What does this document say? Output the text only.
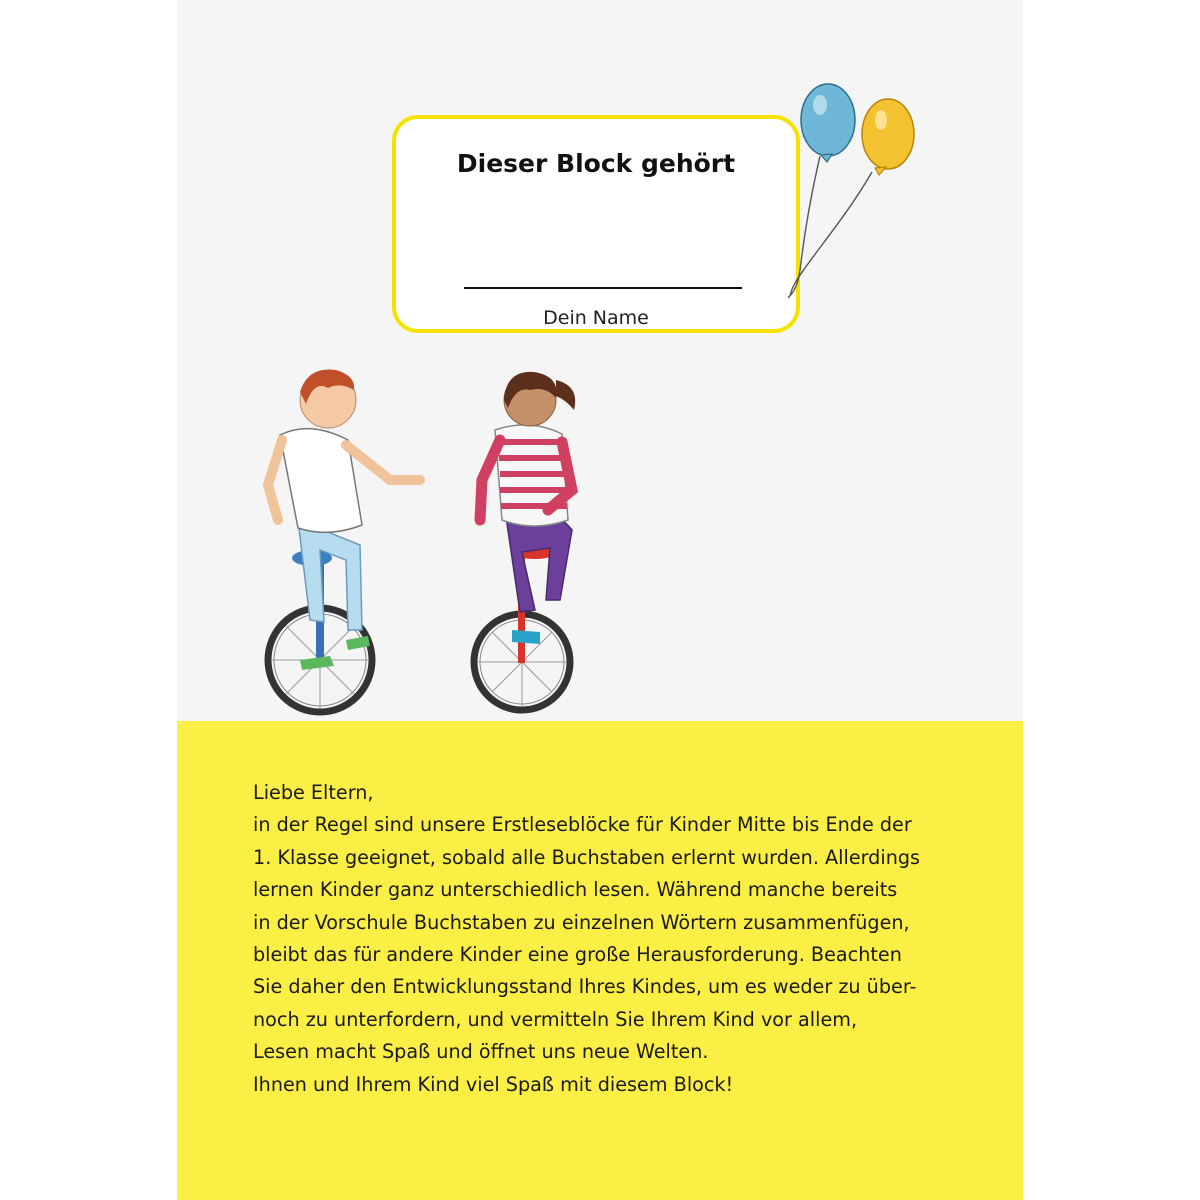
Dieser Block gehört
Dein Name
Liebe Eltern,
in der Regel sind unsere Erstleseblöcke für Kinder Mitte bis Ende der
1. Klasse geeignet, sobald alle Buchstaben erlernt wurden. Allerdings
lernen Kinder ganz unterschiedlich lesen. Während manche bereits
in der Vorschule Buchstaben zu einzelnen Wörtern zusammenfügen,
bleibt das für andere Kinder eine große Herausforderung. Beachten
Sie daher den Entwicklungsstand Ihres Kindes, um es weder zu über-
noch zu unterfordern, und vermitteln Sie Ihrem Kind vor allem,
Lesen macht Spaß und öffnet uns neue Welten.
Ihnen und Ihrem Kind viel Spaß mit diesem Block!
